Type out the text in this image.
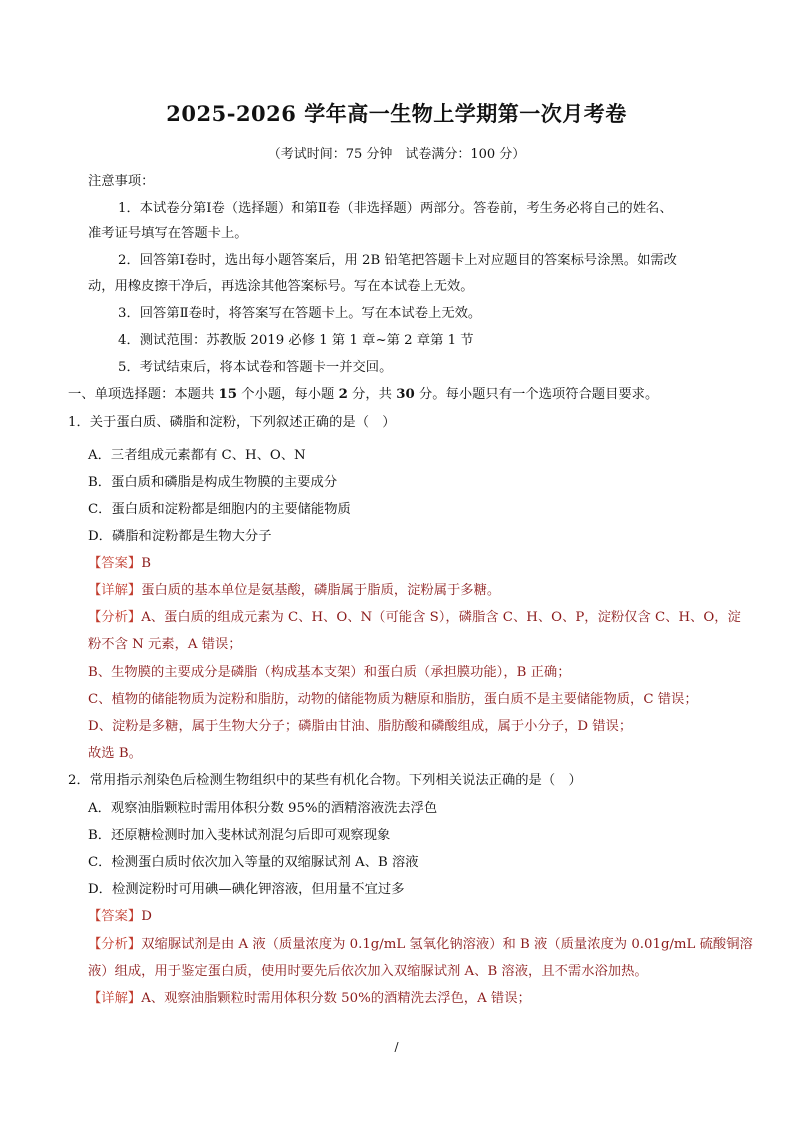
2025-2026 学年高一生物上学期第一次月考卷
（考试时间：75 分钟　试卷满分：100 分）
注意事项：
1．本试卷分第Ⅰ卷（选择题）和第Ⅱ卷（非选择题）两部分。答卷前，考生务必将自己的姓名、
准考证号填写在答题卡上。
2．回答第Ⅰ卷时，选出每小题答案后，用 2B 铅笔把答题卡上对应题目的答案标号涂黑。如需改
动，用橡皮擦干净后，再选涂其他答案标号。写在本试卷上无效。
3．回答第Ⅱ卷时，将答案写在答题卡上。写在本试卷上无效。
4．测试范围：苏教版 2019 必修 1 第 1 章~第 2 章第 1 节
5．考试结束后，将本试卷和答题卡一并交回。
一、单项选择题：本题共 15 个小题，每小题 2 分，共 30 分。每小题只有一个选项符合题目要求。
1．关于蛋白质、磷脂和淀粉，下列叙述正确的是（　）
A．三者组成元素都有 C、H、O、N
B．蛋白质和磷脂是构成生物膜的主要成分
C．蛋白质和淀粉都是细胞内的主要储能物质
D．磷脂和淀粉都是生物大分子
【答案】B
【详解】蛋白质的基本单位是氨基酸，磷脂属于脂质，淀粉属于多糖。
【分析】A、蛋白质的组成元素为 C、H、O、N（可能含 S），磷脂含 C、H、O、P，淀粉仅含 C、H、O，淀
粉不含 N 元素，A 错误；
B、生物膜的主要成分是磷脂（构成基本支架）和蛋白质（承担膜功能），B 正确；
C、植物的储能物质为淀粉和脂肪，动物的储能物质为糖原和脂肪，蛋白质不是主要储能物质，C 错误；
D、淀粉是多糖，属于生物大分子；磷脂由甘油、脂肪酸和磷酸组成，属于小分子，D 错误；
故选 B。
2．常用指示剂染色后检测生物组织中的某些有机化合物。下列相关说法正确的是（　）
A．观察油脂颗粒时需用体积分数 95%的酒精溶液洗去浮色
B．还原糖检测时加入斐林试剂混匀后即可观察现象
C．检测蛋白质时依次加入等量的双缩脲试剂 A、B 溶液
D．检测淀粉时可用碘—碘化钾溶液，但用量不宜过多
【答案】D
【分析】双缩脲试剂是由 A 液（质量浓度为 0.1g/mL 氢氧化钠溶液）和 B 液（质量浓度为 0.01g/mL 硫酸铜溶
液）组成，用于鉴定蛋白质，使用时要先后依次加入双缩脲试剂 A、B 溶液，且不需水浴加热。
【详解】A、观察油脂颗粒时需用体积分数 50%的酒精洗去浮色，A 错误；
/
